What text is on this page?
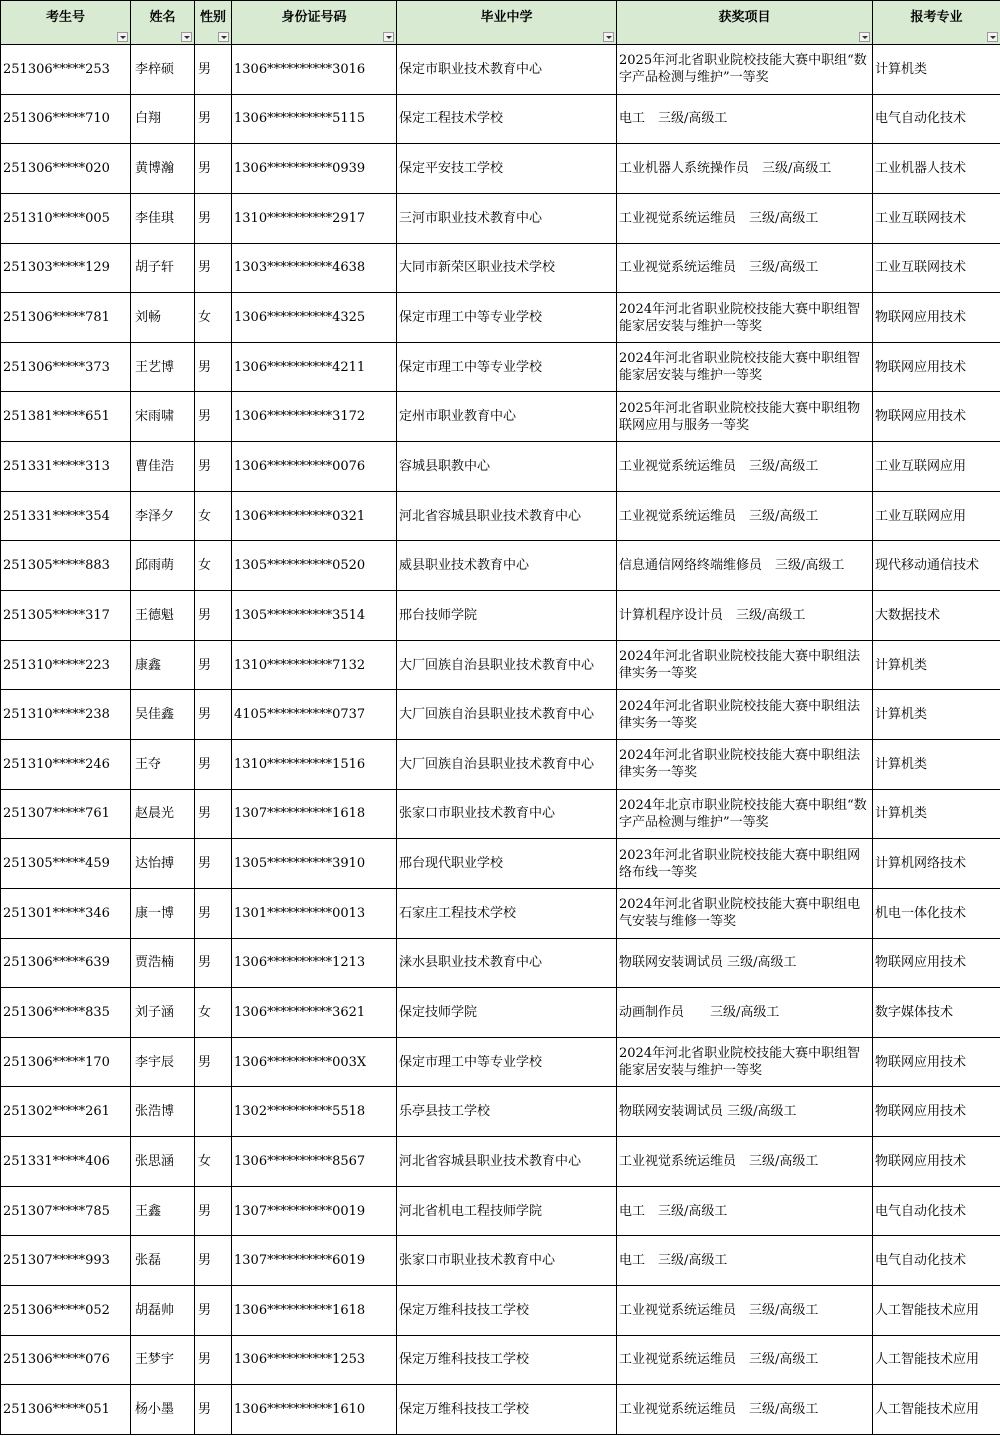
考生号	姓名	性别	身份证号码	毕业中学	获奖项目	报考专业

251306*****253	李梓硕	男	1306**********3016	保定市职业技术教育中心	2025年河北省职业院校技能大赛中职组“数字产品检测与维护”一等奖	计算机类
251306*****710	白翔	男	1306**********5115	保定工程技术学校	电工　三级/高级工	电气自动化技术
251306*****020	黄博瀚	男	1306**********0939	保定平安技工学校	工业机器人系统操作员　三级/高级工	工业机器人技术
251310*****005	李佳琪	男	1310**********2917	三河市职业技术教育中心	工业视觉系统运维员　三级/高级工	工业互联网技术
251303*****129	胡子轩	男	1303**********4638	大同市新荣区职业技术学校	工业视觉系统运维员　三级/高级工	工业互联网技术
251306*****781	刘畅	女	1306**********4325	保定市理工中等专业学校	2024年河北省职业院校技能大赛中职组智能家居安装与维护一等奖	物联网应用技术
251306*****373	王艺博	男	1306**********4211	保定市理工中等专业学校	2024年河北省职业院校技能大赛中职组智能家居安装与维护一等奖	物联网应用技术
251381*****651	宋雨啸	男	1306**********3172	定州市职业教育中心	2025年河北省职业院校技能大赛中职组物联网应用与服务一等奖	物联网应用技术
251331*****313	曹佳浩	男	1306**********0076	容城县职教中心	工业视觉系统运维员　三级/高级工	工业互联网应用
251331*****354	李泽夕	女	1306**********0321	河北省容城县职业技术教育中心	工业视觉系统运维员　三级/高级工	工业互联网应用
251305*****883	邱雨萌	女	1305**********0520	威县职业技术教育中心	信息通信网络终端维修员　三级/高级工	现代移动通信技术
251305*****317	王德魁	男	1305**********3514	邢台技师学院	计算机程序设计员　三级/高级工	大数据技术
251310*****223	康鑫	男	1310**********7132	大厂回族自治县职业技术教育中心	2024年河北省职业院校技能大赛中职组法律实务一等奖	计算机类
251310*****238	吴佳鑫	男	4105**********0737	大厂回族自治县职业技术教育中心	2024年河北省职业院校技能大赛中职组法律实务一等奖	计算机类
251310*****246	王夺	男	1310**********1516	大厂回族自治县职业技术教育中心	2024年河北省职业院校技能大赛中职组法律实务一等奖	计算机类
251307*****761	赵晨光	男	1307**********1618	张家口市职业技术教育中心	2024年北京市职业院校技能大赛中职组“数字产品检测与维护”一等奖	计算机类
251305*****459	达怡搏	男	1305**********3910	邢台现代职业学校	2023年河北省职业院校技能大赛中职组网络布线一等奖	计算机网络技术
251301*****346	康一博	男	1301**********0013	石家庄工程技术学校	2024年河北省职业院校技能大赛中职组电气安装与维修一等奖	机电一体化技术
251306*****639	贾浩楠	男	1306**********1213	涞水县职业技术教育中心	物联网安装调试员 三级/高级工	物联网应用技术
251306*****835	刘子涵	女	1306**********3621	保定技师学院	动画制作员　　三级/高级工	数字媒体技术
251306*****170	李宇辰	男	1306**********003X	保定市理工中等专业学校	2024年河北省职业院校技能大赛中职组智能家居安装与维护一等奖	物联网应用技术
251302*****261	张浩博		1302**********5518	乐亭县技工学校	物联网安装调试员 三级/高级工	物联网应用技术
251331*****406	张思涵	女	1306**********8567	河北省容城县职业技术教育中心	工业视觉系统运维员　三级/高级工	物联网应用技术
251307*****785	王鑫	男	1307**********0019	河北省机电工程技师学院	电工　三级/高级工	电气自动化技术
251307*****993	张磊	男	1307**********6019	张家口市职业技术教育中心	电工　三级/高级工	电气自动化技术
251306*****052	胡磊帅	男	1306**********1618	保定万维科技技工学校	工业视觉系统运维员　三级/高级工	人工智能技术应用
251306*****076	王梦宇	男	1306**********1253	保定万维科技技工学校	工业视觉系统运维员　三级/高级工	人工智能技术应用
251306*****051	杨小墨	男	1306**********1610	保定万维科技技工学校	工业视觉系统运维员　三级/高级工	人工智能技术应用
